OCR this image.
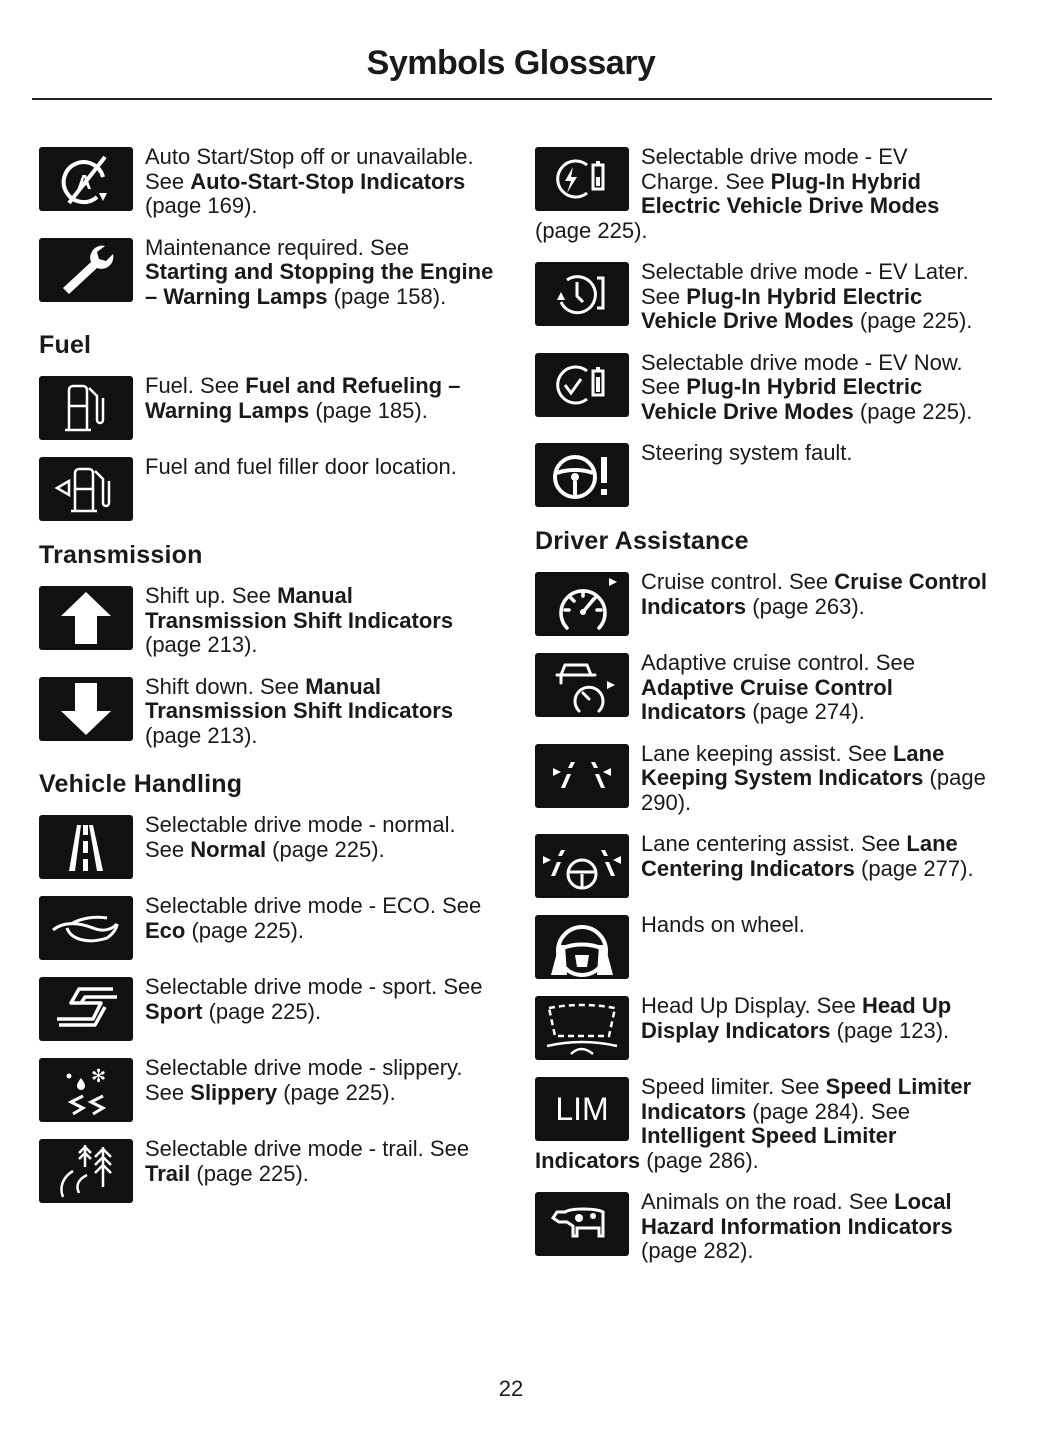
Symbols Glossary
A
Auto Start/Stop off or unavailable. See Auto-Start-Stop Indicators (page 169).
Maintenance required. See Starting and Stopping the Engine – Warning Lamps (page 158).
Fuel
Fuel. See Fuel and Refueling – Warning Lamps (page 185).
Fuel and fuel filler door location.
Transmission
Shift up. See Manual Transmission Shift Indicators (page 213).
Shift down. See Manual Transmission Shift Indicators (page 213).
Vehicle Handling
Selectable drive mode - normal. See Normal (page 225).
Selectable drive mode - ECO. See Eco (page 225).
Selectable drive mode - sport. See Sport (page 225).
✻ Selectable drive mode - slippery. See Slippery (page 225).
Selectable drive mode - trail. See Trail (page 225).
Selectable drive mode - EV Charge. See Plug-In Hybrid Electric Vehicle Drive Modes (page 225).
Selectable drive mode - EV Later. See Plug-In Hybrid Electric Vehicle Drive Modes (page 225).
Selectable drive mode - EV Now. See Plug-In Hybrid Electric Vehicle Drive Modes (page 225).
Steering system fault.
Driver Assistance
Cruise control. See Cruise Control Indicators (page 263).
Adaptive cruise control. See Adaptive Cruise Control Indicators (page 274).
Lane keeping assist. See Lane Keeping System Indicators (page 290).
Lane centering assist. See Lane Centering Indicators (page 277).
Hands on wheel.
Head Up Display. See Head Up Display Indicators (page 123).
LIM
Speed limiter. See Speed Limiter Indicators (page 284). See Intelligent Speed Limiter Indicators (page 286).
Animals on the road. See Local Hazard Information Indicators (page 282).
22
